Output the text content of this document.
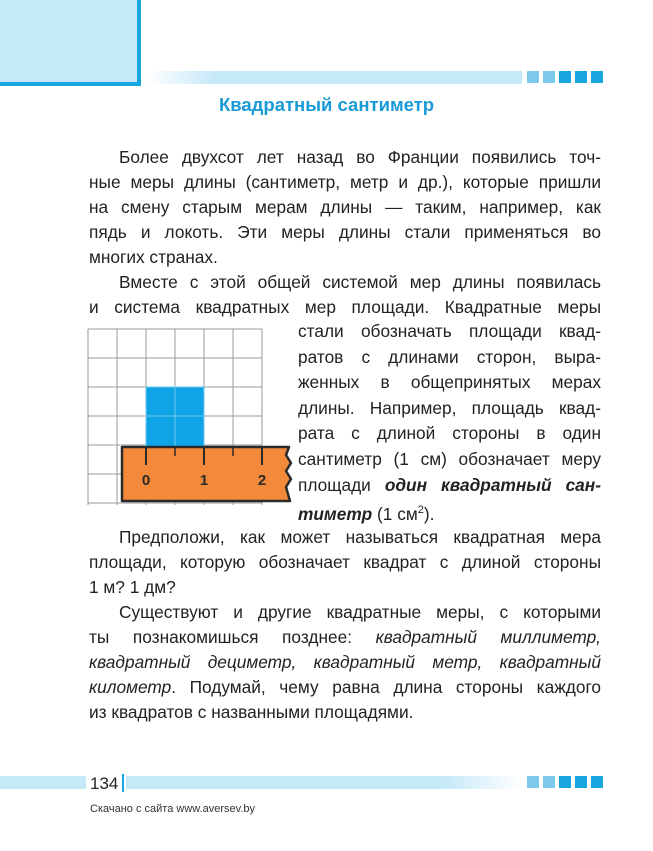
Квадратный сантиметр
Более двухсот лет назад во Франции появились точ-
ные меры длины (сантиметр, метр и др.), которые пришли
на смену старым мерам длины — таким, например, как
пядь и локоть. Эти меры длины стали применяться во
многих странах.
Вместе с этой общей системой мер длины появилась
и система квадратных мер площади. Квадратные меры
стали обозначать площади квад-
ратов с длинами сторон, выра-
женных в общепринятых мерах
длины. Например, площадь квад-
рата с длиной стороны в один
сантиметр (1 см) обозначает меру
площади один квадратный сан-
тиметр (1 $см^2$).
0	1	2
Предположи, как может называться квадратная мера
площади, которую обозначает квадрат с длиной стороны
1 м? 1 дм?
Существуют и другие квадратные меры, с которыми
ты познакомишься позднее: квадратный миллиметр,
квадратный дециметр, квадратный метр, квадратный
километр. Подумай, чему равна длина стороны каждого
из квадратов с названными площадями.
134
Скачано с сайта www.aversev.by
